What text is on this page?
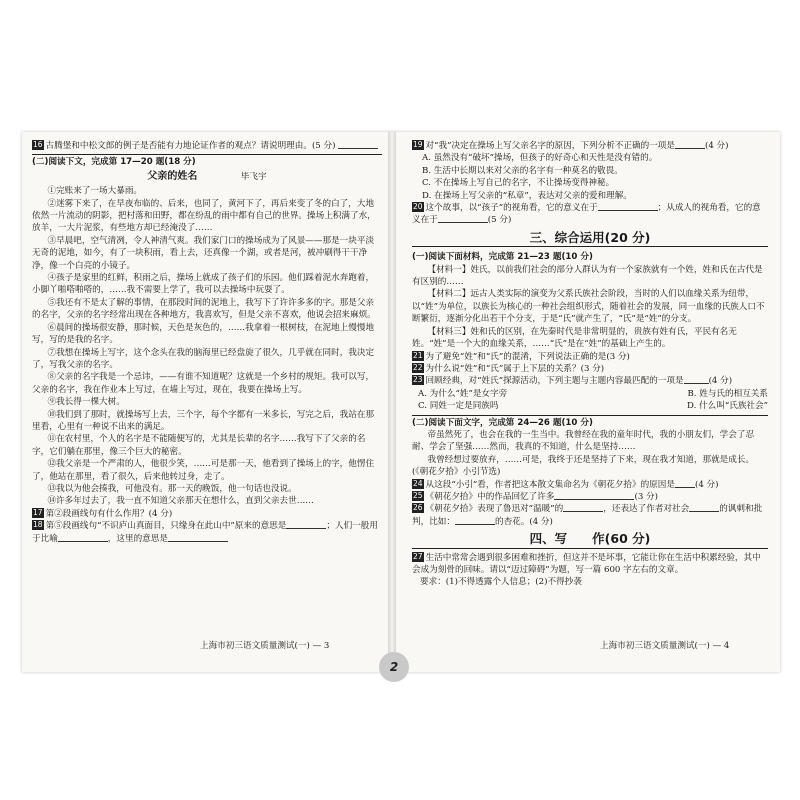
16 古腾堡和中松文郎的例子是否能有力地论证作者的观点？请说明理由。(5 分)

(二)阅读下文，完成第 17—20 题(18 分)
父亲的姓名	毕飞宇

①完账来了一场大暴雨。

②迷雾下来了，在早夜布临的、后来，也同了，黄河下了，再后来变了冬的白了，大地依然一片流动的阴影，把村落和田野，都在纷乱的雨中都有自己的世界。操场上积满了水，放羊，一大片泥浆，有些地方却已经淹没了……

③早晨吧，空气清冽，令人神清气爽。我们家门口的操场成为了风景——那是一块平淡无奇的泥地，如今，有了一块积雨，看上去，还真像一个湖，或者是河，被冲刷得干干净净，像一个白亮的小镜子。

④孩子是家里的红鲜，积雨之后，操场上就成了孩子们的乐园。他们踩着泥水奔跑着，小脚丫啪嗒啪嗒的，……我不需要上学了，我可以去操场中玩耍了。

⑤我还有不是太了解的事情，在那段时间的泥地上，我写下了许许多多的字。那是父亲的名字，父亲的名字经常出现在各种地方，我喜欢写，但是父亲不喜欢，他说会招来麻烦。

⑥晨间的操场很安静，那时候，天色是灰色的，……我拿着一根树枝，在泥地上慢慢地写，写的是我的名字。

⑦我想在操场上写字，这个念头在我的脑海里已经盘旋了很久，几乎就在同时，我决定了，写我父亲的名字。

⑧父亲的名字我是一个忌讳，——有谁不知道呢？这就是一个乡村的规矩。我可以写，父亲的名字，我在作业本上写过，在墙上写过，现在，我要在操场上写。

⑨我长得一棵大树。

⑩我们到了那时，就操场写上去，三个字，每个字都有一米多长，写完之后，我站在那里看，心里有一种说不出来的满足。

⑪在农村里，个人的名字是不能随便写的，尤其是长辈的名字……我写下了父亲的名字，它们躺在那里，像三个巨大的秘密。

⑫我父亲是一个严肃的人，他很少笑，……可是那一天，他看到了操场上的字，他愣住了，他站在那里，看了很久，后来他转过身，走了。

⑬我以为他会揍我，可他没有。那一天的晚饭，他一句话也没说。

⑭许多年过去了，我一直不知道父亲那天在想什么，直到父亲去世……

17 第②段画线句有什么作用？(4 分)

18 第⑤段画线句“不识庐山真面目，只缘身在此山中”原来的意思是	；人们一般用于比喻	，这里的意思是

上海市初三语文质量测试(一) — 3

19 对“我”决定在操场上写父亲名字的原因，下列分析不正确的一项是	(4 分)

A. 虽然没有“破坏”操场，但孩子的好奇心和天性是没有错的。
B. 生活中长期以来对父亲的名字有一种莫名的敬畏。
C. 不在操场上写自己的名字，不让操场变得神秘。
D. 在操场上写父亲的“私章”，表达对父亲的爱和理解。

20 这个故事，以“孩子”的视角看，它的意义在于	；从成人的视角看，它的意义在于	(5 分)

三、综合运用(20 分)
(一)阅读下面材料，完成第 21—23 题(10 分)

【材料一】姓氏，以前我们社会的部分人群认为有一个家族就有一个姓，姓和氏在古代是有区别的……

【材料二】远古人类实际的演变为父系氏族社会阶段，当时的人们以血缘关系为纽带，以“姓”为单位，以族长为核心的一种社会组织形式，随着社会的发展，同一血缘的氏族人口不断繁衍，逐渐分化出若干个分支，于是“氏”就产生了，“氏”是“姓”的分支。

【材料三】姓和氏的区别，在先秦时代是非常明显的，贵族有姓有氏，平民有名无姓。“姓”是一个大的血缘关系，……“氏”是在“姓”的基础上产生的。

21 为了避免“姓”和“氏”的混淆，下列说法正确的是(3 分)

22 为什么说“姓”和“氏”属于上下层的关系？(3 分)

23 回顾经典，对“姓氏”探源活动，下列主题与主题内容最匹配的一项是	(4 分)

A. 为什么“姓”是女字旁	B. 姓与氏的相互关系
C. 同姓一定是同族吗	D. 什么叫“氏族社会”
(二)阅读下面文字，完成第 24—26 题(10 分)

帝虽然死了，也会在我的一生当中。我曾经在我的童年时代，我的小朋友们，学会了忍耐、学会了坚强……然而，我真的不知道，什么是坚持……

我曾经想过要放弃，……可是，我终于还是坚持了下来，现在我才知道，那就是成长。(《朝花夕拾》小引节选)

24 从这段“小引”看，作者把这本散文集命名为《朝花夕拾》的原因是 (4 分)

25 《朝花夕拾》中的作品回忆了许多	(3 分)

26 《朝花夕拾》表现了鲁迅对“温暖”的	，还表达了作者对社会	的讽刺和批判，比如：	的杏花。(4 分)

四、写　　作(60 分)

27 生活中常常会遇到很多困难和挫折，但这并不是坏事，它能让你在生活中积累经验，其中会成为刻骨的回味。请以“迈过障碍”为题，写一篇 600 字左右的文章。

要求：(1)不得透露个人信息；(2)不得抄袭

上海市初三语文质量测试(一) — 4
2
